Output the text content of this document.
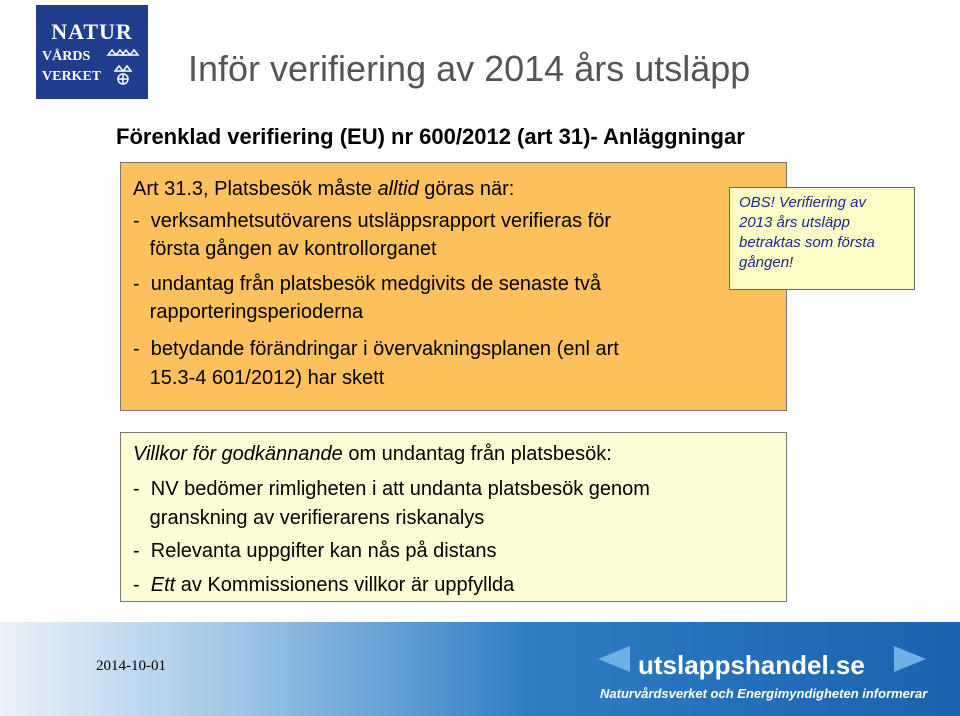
NATUR
VÅRDS
VERKET Inför verifiering av 2014 års utsläpp
Förenklad verifiering (EU) nr 600/2012 (art 31)- Anläggningar
Art 31.3, Platsbesök måste alltid göras när:
-  verksamhetsutövarens utsläppsrapport verifieras för
första gången av kontrollorganet
-  undantag från platsbesök medgivits de senaste två
rapporteringsperioderna
-  betydande förändringar i övervakningsplanen (enl art
15.3-4 601/2012) har skett
OBS! Verifiering av
2013 års utsläpp
betraktas som första
gången!
Villkor för godkännande om undantag från platsbesök:
-  NV bedömer rimligheten i att undanta platsbesök genom
granskning av verifierarens riskanalys
-  Relevanta uppgifter kan nås på distans
-  Ett av Kommissionens villkor är uppfyllda
2014-10-01	utslappshandel.se
Naturvårdsverket och Energimyndigheten informerar
